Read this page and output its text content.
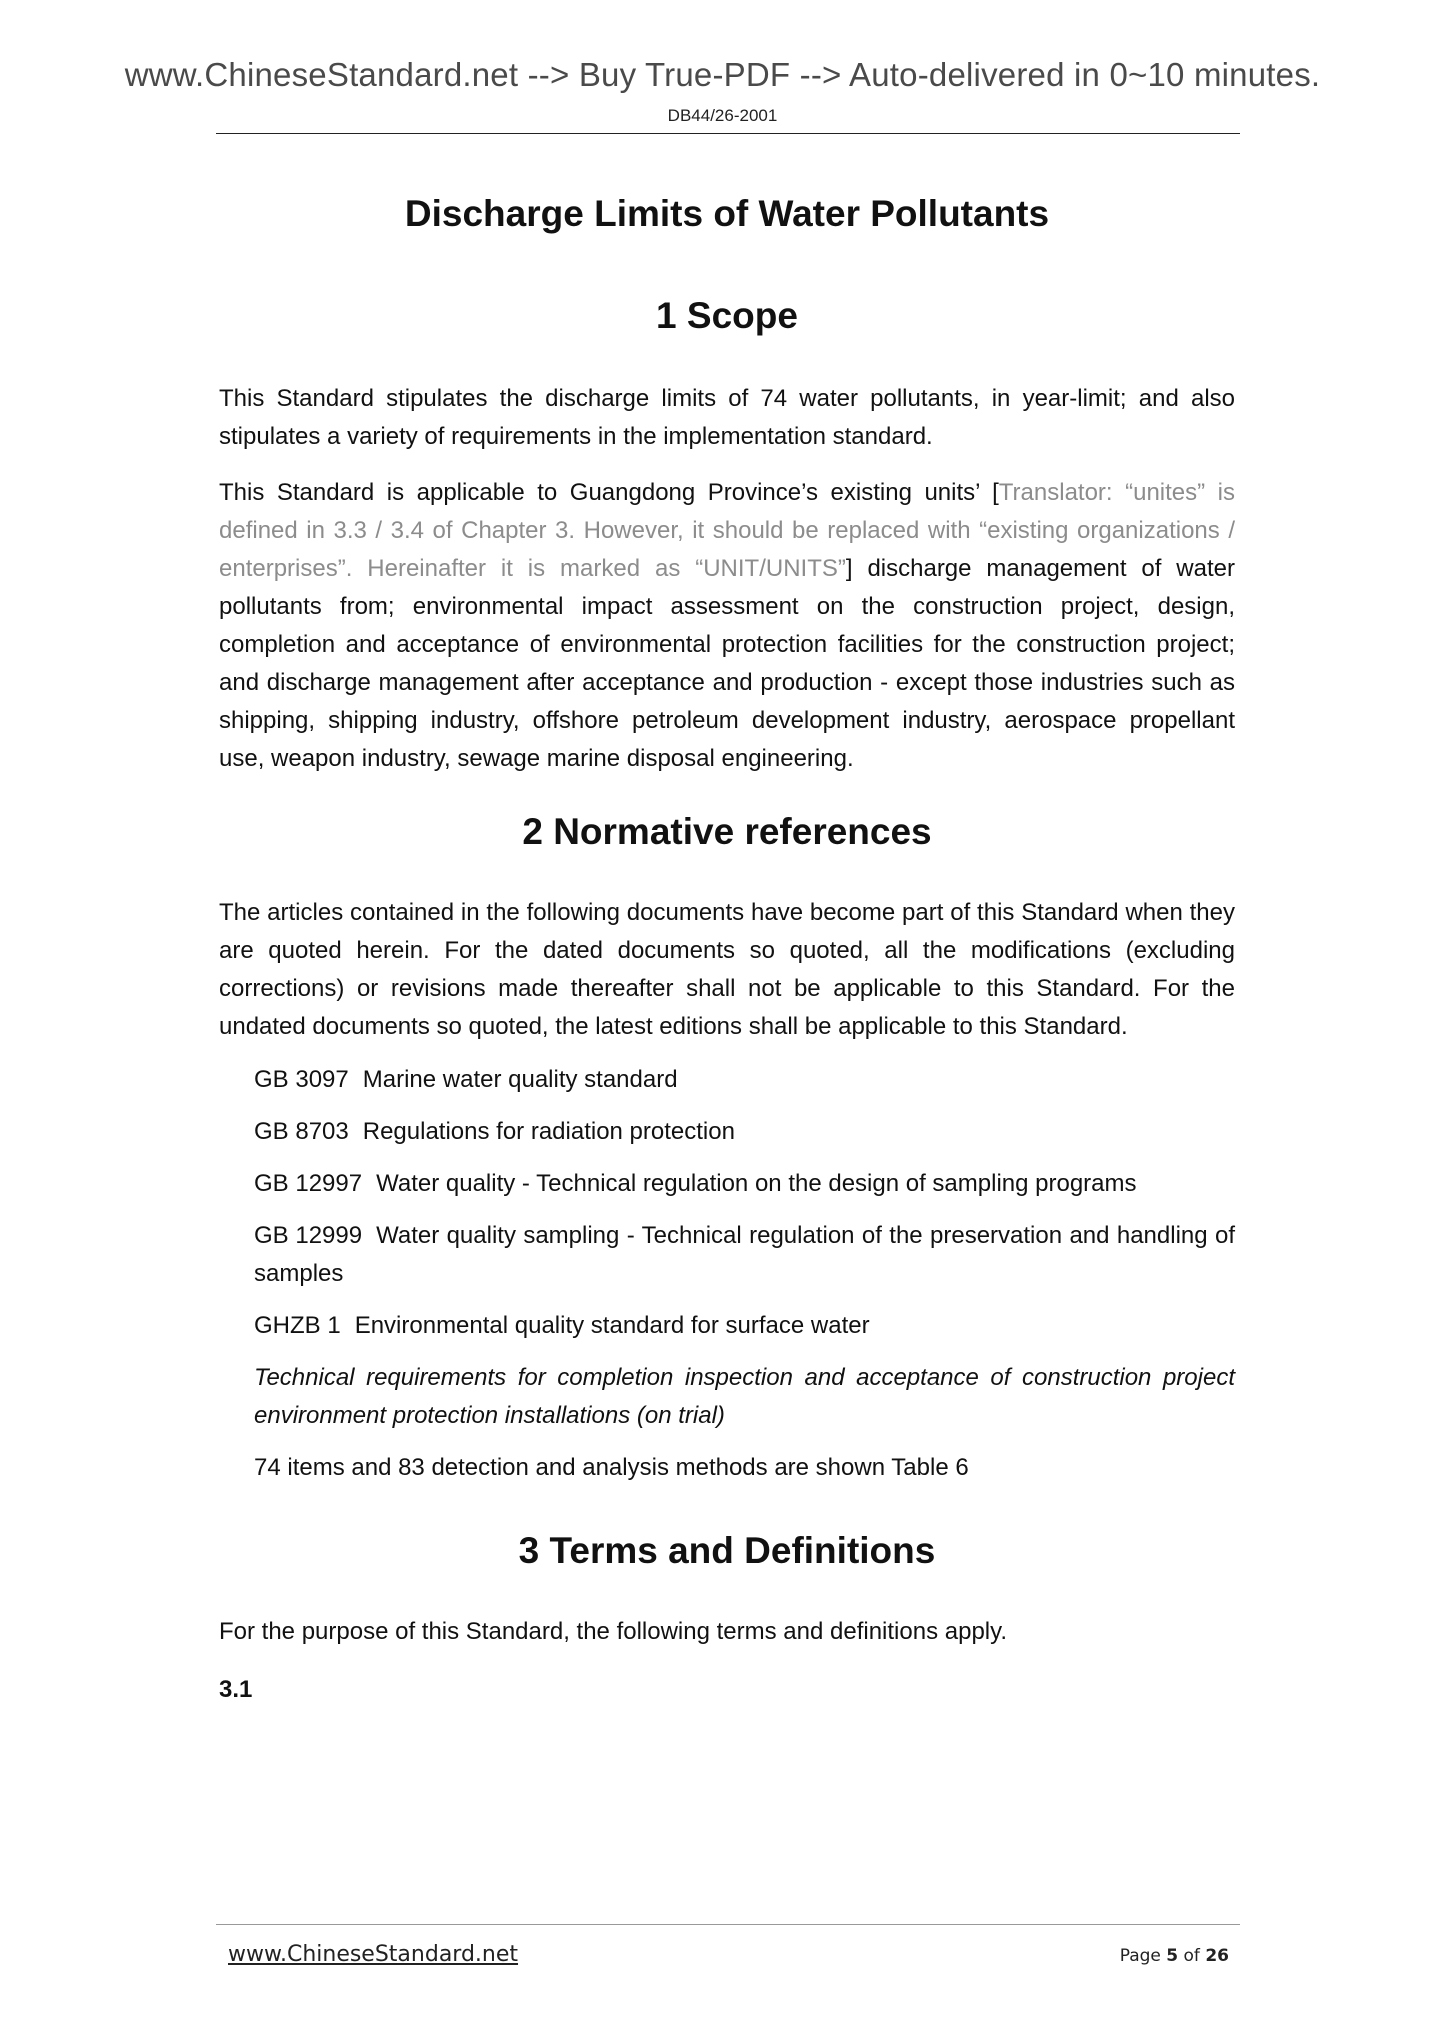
www.ChineseStandard.net --> Buy True-PDF --> Auto-delivered in 0~10 minutes.
DB44/26-2001
Discharge Limits of Water Pollutants
1 Scope

This Standard stipulates the discharge limits of 74 water pollutants, in year-limit; and also stipulates a variety of requirements in the implementation standard.

This Standard is applicable to Guangdong Province’s existing units’ [Translator: “unites” is defined in 3.3 / 3.4 of Chapter 3. However, it should be replaced with “existing organizations / enterprises”. Hereinafter it is marked as “UNIT/UNITS”] discharge management of water pollutants from; environmental impact assessment on the construction project, design, completion and acceptance of environmental protection facilities for the construction project; and discharge management after acceptance and production - except those industries such as shipping, shipping industry, offshore petroleum development industry, aerospace propellant use, weapon industry, sewage marine disposal engineering.

2 Normative references

The articles contained in the following documents have become part of this Standard when they are quoted herein. For the dated documents so quoted, all the modifications (excluding corrections) or revisions made thereafter shall not be applicable to this Standard. For the undated documents so quoted, the latest editions shall be applicable to this Standard.

GB 3097 Marine water quality standard

GB 8703 Regulations for radiation protection

GB 12997 Water quality - Technical regulation on the design of sampling programs

GB 12999 Water quality sampling - Technical regulation of the preservation and handling of samples

GHZB 1 Environmental quality standard for surface water

Technical requirements for completion inspection and acceptance of construction project environment protection installations (on trial)

74 items and 83 detection and analysis methods are shown Table 6

3 Terms and Definitions

For the purpose of this Standard, the following terms and definitions apply.

3.1

www.ChineseStandard.net	Page 5 of 26
